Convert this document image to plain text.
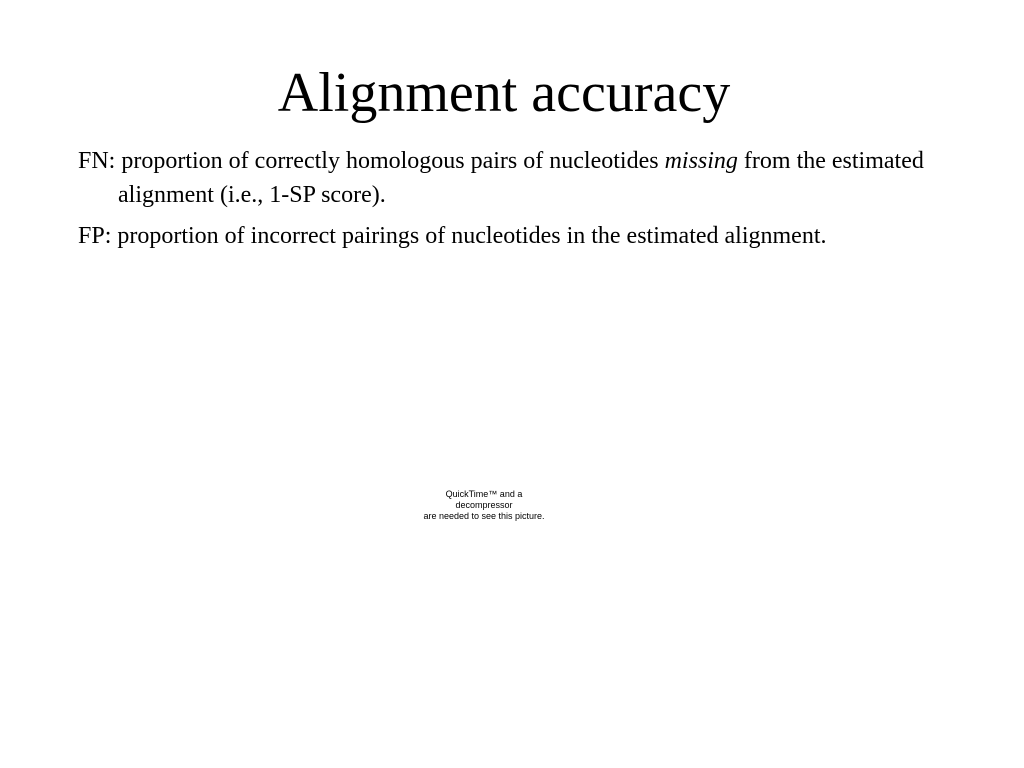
Alignment accuracy
FN: proportion of correctly homologous pairs of nucleotides missing from the estimated alignment (i.e., 1-SP score).
FP: proportion of incorrect pairings of nucleotides in the estimated alignment.
QuickTime™ and a
decompressor
are needed to see this picture.
